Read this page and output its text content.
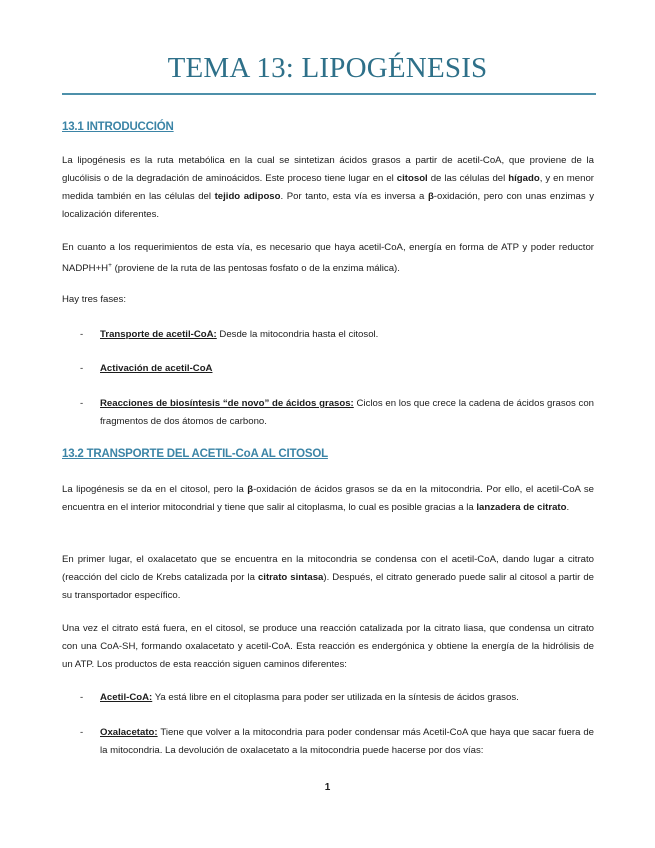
TEMA 13: LIPOGÉNESIS
13.1 INTRODUCCIÓN

La lipogénesis es la ruta metabólica en la cual se sintetizan ácidos grasos a partir de acetil-CoA, que proviene de la glucólisis o de la degradación de aminoácidos. Este proceso tiene lugar en el citosol de las células del hígado, y en menor medida también en las células del tejido adiposo. Por tanto, esta vía es inversa a β-oxidación, pero con unas enzimas y localización diferentes.

En cuanto a los requerimientos de esta vía, es necesario que haya acetil-CoA, energía en forma de ATP y poder reductor NADPH+H+ (proviene de la ruta de las pentosas fosfato o de la enzima málica).

Hay tres fases:

- Transporte de acetil-CoA: Desde la mitocondria hasta el citosol.

- Activación de acetil-CoA

- Reacciones de biosíntesis “de novo” de ácidos grasos: Ciclos en los que crece la cadena de ácidos grasos con fragmentos de dos átomos de carbono.

13.2 TRANSPORTE DEL ACETIL-CoA AL CITOSOL

La lipogénesis se da en el citosol, pero la β-oxidación de ácidos grasos se da en la mitocondria. Por ello, el acetil-CoA se encuentra en el interior mitocondrial y tiene que salir al citoplasma, lo cual es posible gracias a la lanzadera de citrato.

En primer lugar, el oxalacetato que se encuentra en la mitocondria se condensa con el acetil-CoA, dando lugar a citrato (reacción del ciclo de Krebs catalizada por la citrato sintasa). Después, el citrato generado puede salir al citosol a partir de su transportador específico.

Una vez el citrato está fuera, en el citosol, se produce una reacción catalizada por la citrato liasa, que condensa un citrato con una CoA-SH, formando oxalacetato y acetil-CoA. Esta reacción es endergónica y obtiene la energía de la hidrólisis de un ATP. Los productos de esta reacción siguen caminos diferentes:

- Acetil-CoA: Ya está libre en el citoplasma para poder ser utilizada en la síntesis de ácidos grasos.

- Oxalacetato: Tiene que volver a la mitocondria para poder condensar más Acetil-CoA que haya que sacar fuera de la mitocondria. La devolución de oxalacetato a la mitocondria puede hacerse por dos vías:

1
